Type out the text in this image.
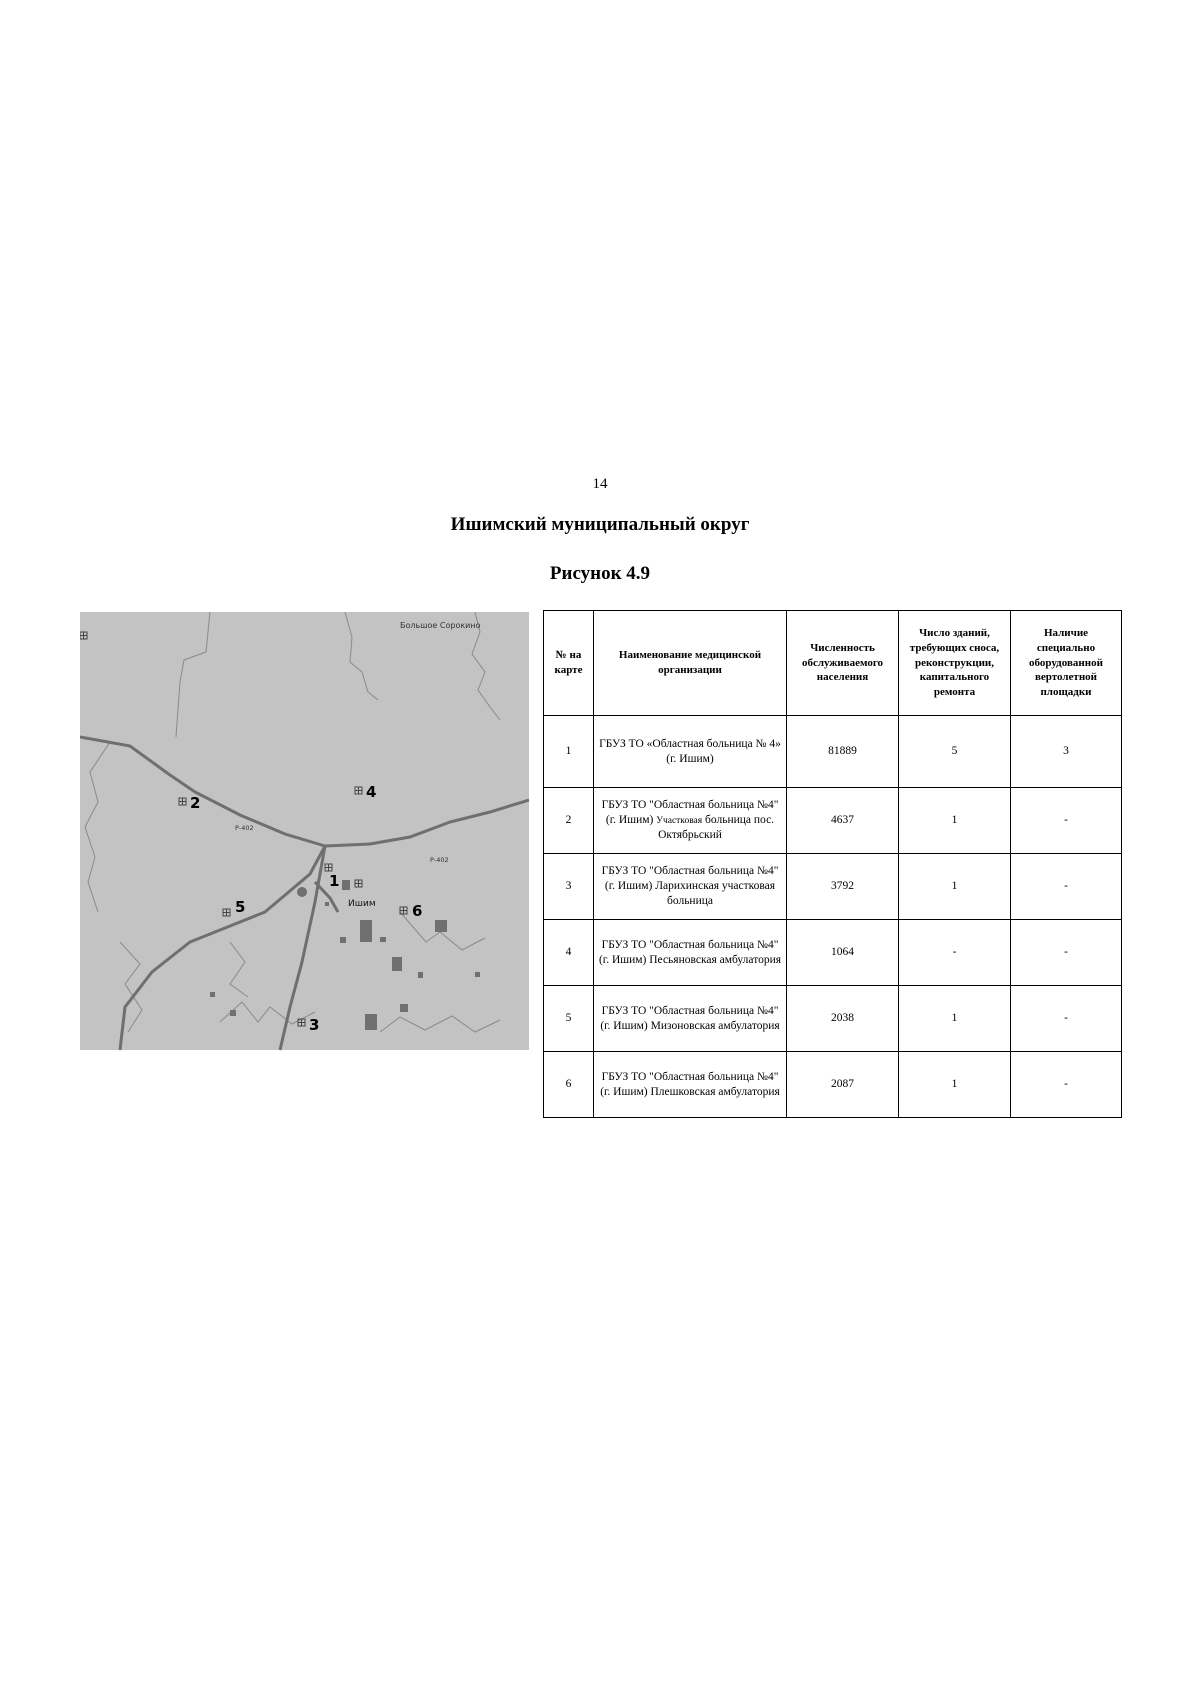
14
Ишимский муниципальный округ
Рисунок 4.9
Большое Сорокино
Ишим
Р-402
Р-402
1
2
3
4
5	6
№ на карте	Наименование медицинской организации	Численность обслуживаемого населения	Число зданий, требующих сноса, реконструкции, капитального ремонта	Наличие специально оборудованной вертолетной площадки
1	ГБУЗ ТО «Областная больница № 4» (г. Ишим)	81889	5	3
2	ГБУЗ ТО "Областная больница №4" (г. Ишим) Участковая больница пос. Октябрьский	4637	1	-
3	ГБУЗ ТО "Областная больница №4" (г. Ишим) Ларихинская участковая больница	3792	1	-
4	ГБУЗ ТО "Областная больница №4" (г. Ишим) Песьяновская амбулатория	1064	-	-
5	ГБУЗ ТО "Областная больница №4" (г. Ишим) Мизоновская амбулатория	2038	1	-
6	ГБУЗ ТО "Областная больница №4" (г. Ишим) Плешковская амбулатория	2087	1	-
